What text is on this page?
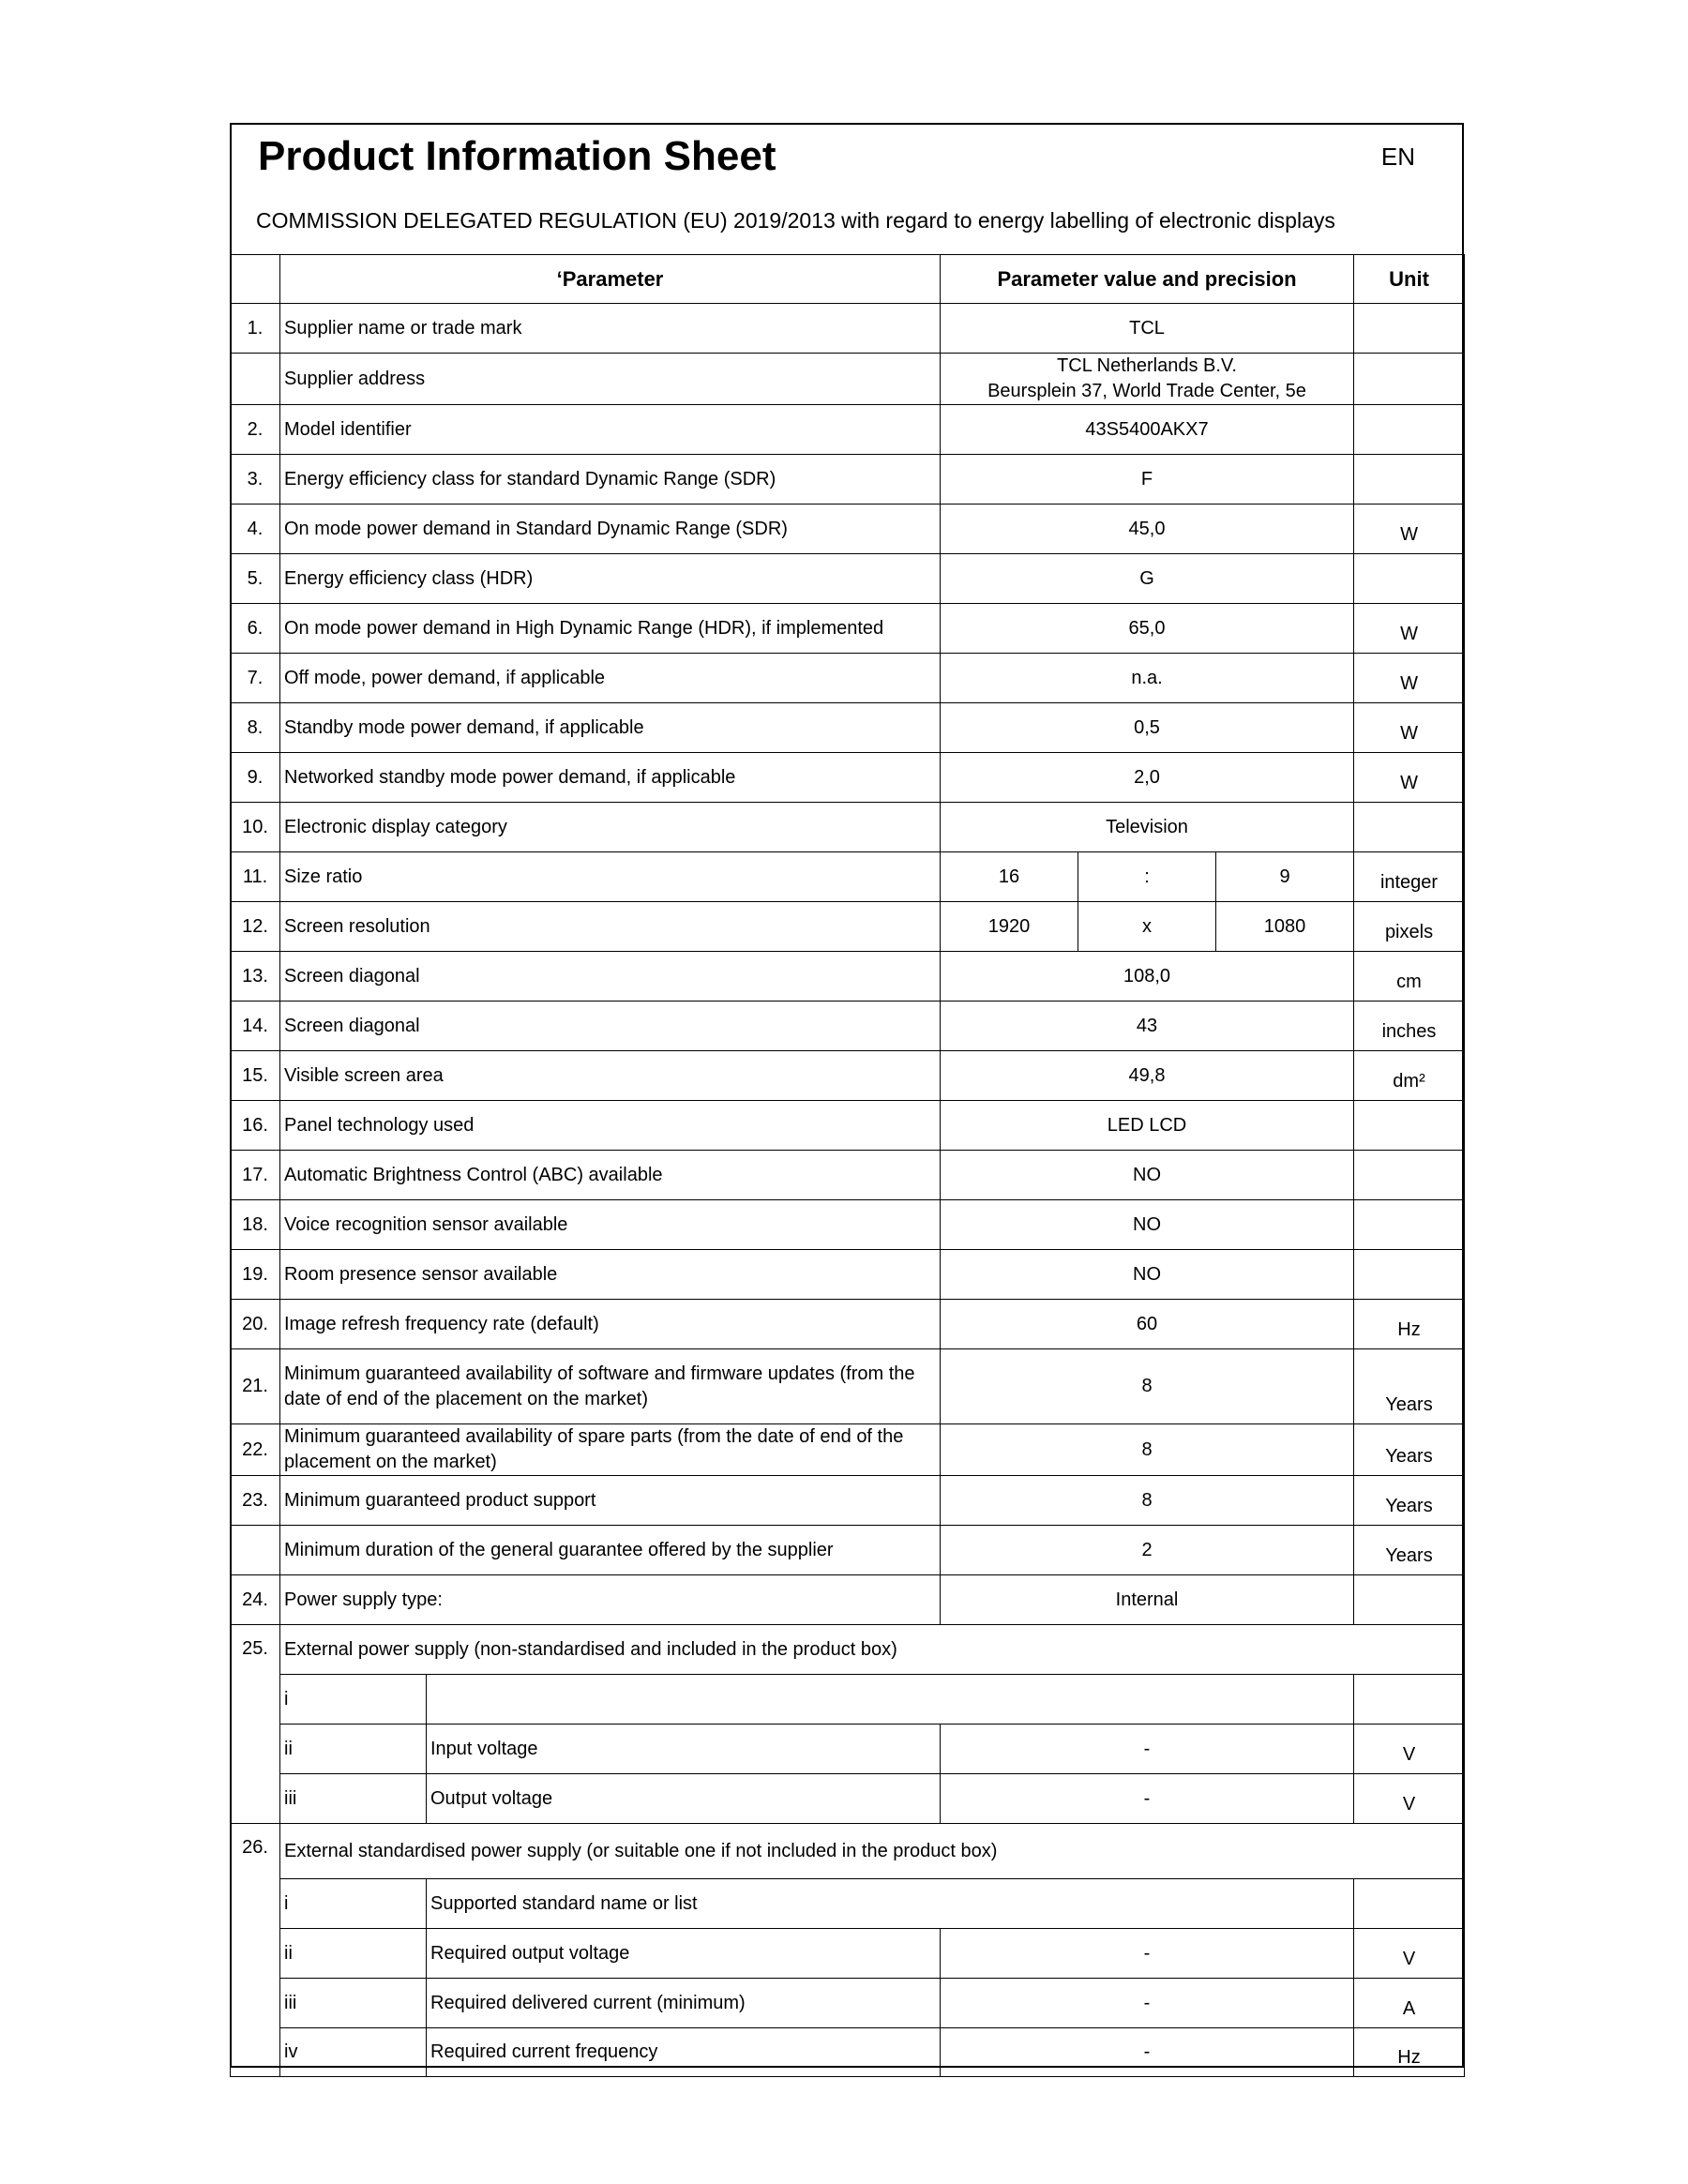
Product Information Sheet	EN
COMMISSION DELEGATED REGULATION (EU) 2019/2013 with regard to energy labelling of electronic displays
	‘Parameter		Parameter value and precision			Unit
1.	Supplier name or trade mark		TCL			
	Supplier address		TCL Netherlands B.V.
Beursplein 37, World Trade Center, 5e			

2.	Model identifier		43S5400AKX7			
3.	Energy efficiency class for standard Dynamic Range (SDR)		F			
4.	On mode power demand in Standard Dynamic Range (SDR)		45,0			W
5.	Energy efficiency class (HDR)		G			
6.	On mode power demand in High Dynamic Range (HDR), if implemented		65,0			W
7.	Off mode, power demand, if applicable		n.a.			W
8.	Standby mode power demand, if applicable		0,5			W
9.	Networked standby mode power demand, if applicable		2,0			W
10.	Electronic display category		Television			
11.	Size ratio		16	:	9	integer
12.	Screen resolution		1920	x	1080	pixels
13.	Screen diagonal		108,0			cm
14.	Screen diagonal		43			inches
15.	Visible screen area		49,8			dm²
16.	Panel technology used		LED LCD			
17.	Automatic Brightness Control (ABC) available		NO			
18.	Voice recognition sensor available		NO			
19.	Room presence sensor available		NO			
20.	Image refresh frequency rate (default)		60			Hz
21.	Minimum guaranteed availability of software and firmware updates (from the date of end of the placement on the market)		8			Years
22.	Minimum guaranteed availability of spare parts (from the date of end of the placement on the market)		8			Years
23.	Minimum guaranteed product support		8			Years
	Minimum duration of the general guarantee offered by the supplier		2			Years
24.	Power supply type:		Internal			
25.	External power supply (non-standardised and included in the product box)					
	i					
	ii	Input voltage	-			V
	iii	Output voltage	-			V
26.	External standardised power supply (or suitable one if not included in the product box)					
	i	Supported standard name or list				
	ii	Required output voltage	-			V
	iii	Required delivered current (minimum)	-			A
	iv	Required current frequency	-			Hz
